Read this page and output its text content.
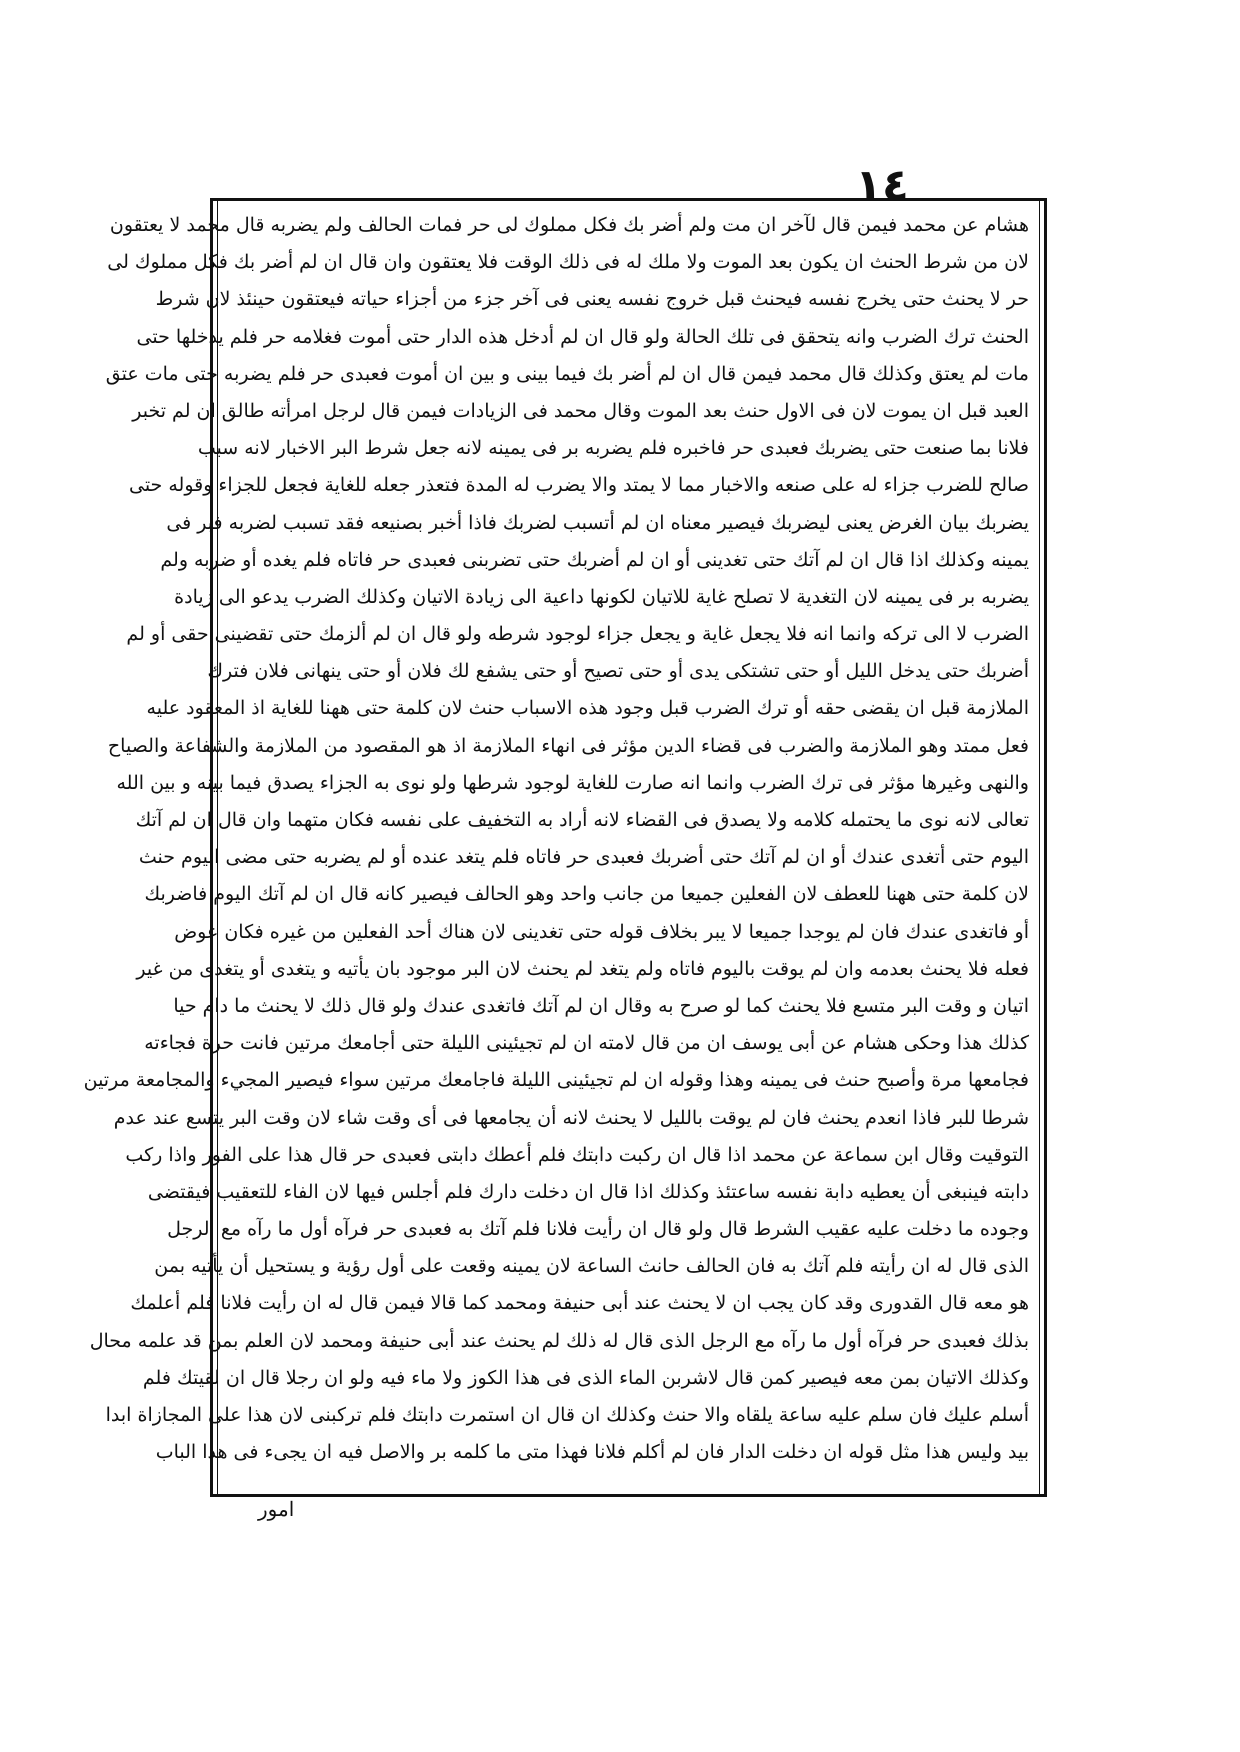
١٤
هشام عن محمد فيمن قال لآخر ان مت ولم أضر بك فكل مملوك لى حر فمات الحالف ولم يضربه قال محمد لا يعتقون
لان من شرط الحنث ان يكون بعد الموت ولا ملك له فى ذلك الوقت فلا يعتقون وان قال ان لم أضر بك فكل مملوك لى
حر لا يحنث حتى يخرج نفسه فيحنث قبل خروج نفسه يعنى فى آخر جزء من أجزاء حياته فيعتقون حينئذ لان شرط
الحنث ترك الضرب وانه يتحقق فى تلك الحالة ولو قال ان لم أدخل هذه الدار حتى أموت فغلامه حر فلم يدخلها حتى
مات لم يعتق وكذلك قال محمد فيمن قال ان لم أضر بك فيما بينى و بين ان أموت فعبدى حر فلم يضربه حتى مات عتق
العبد قبل ان يموت لان فى الاول حنث بعد الموت وقال محمد فى الزيادات فيمن قال لرجل امرأته طالق ان لم تخبر
فلانا بما صنعت حتى يضربك فعبدى حر فاخبره فلم يضربه بر فى يمينه لانه جعل شرط البر الاخبار لانه سبب
صالح للضرب جزاء له على صنعه والاخبار مما لا يمتد والا يضرب له المدة فتعذر جعله للغاية فجعل للجزاء وقوله حتى
يضربك بيان الغرض يعنى ليضربك فيصير معناه ان لم أتسبب لضربك فاذا أخبر بصنيعه فقد تسبب لضربه فبر فى
يمينه وكذلك اذا قال ان لم آتك حتى تغدينى أو ان لم أضربك حتى تضربنى فعبدى حر فاتاه فلم يغده أو ضربه ولم
يضربه بر فى يمينه لان التغدية لا تصلح غاية للاتيان لكونها داعية الى زيادة الاتيان وكذلك الضرب يدعو الى زيادة
الضرب لا الى تركه وانما انه فلا يجعل غاية و يجعل جزاء لوجود شرطه ولو قال ان لم ألزمك حتى تقضينى حقى أو لم
أضربك حتى يدخل الليل أو حتى تشتكى يدى أو حتى تصيح أو حتى يشفع لك فلان أو حتى ينهانى فلان فترك
الملازمة قبل ان يقضى حقه أو ترك الضرب قبل وجود هذه الاسباب حنث لان كلمة حتى ههنا للغاية اذ المعقود عليه
فعل ممتد وهو الملازمة والضرب فى قضاء الدين مؤثر فى انهاء الملازمة اذ هو المقصود من الملازمة والشفاعة والصياح
والنهى وغيرها مؤثر فى ترك الضرب وانما انه صارت للغاية لوجود شرطها ولو نوى به الجزاء يصدق فيما بينه و بين الله
تعالى لانه نوى ما يحتمله كلامه ولا يصدق فى القضاء لانه أراد به التخفيف على نفسه فكان متهما وان قال ان لم آتك
اليوم حتى أتغدى عندك أو ان لم آتك حتى أضربك فعبدى حر فاتاه فلم يتغد عنده أو لم يضربه حتى مضى اليوم حنث
لان كلمة حتى ههنا للعطف لان الفعلين جميعا من جانب واحد وهو الحالف فيصير كانه قال ان لم آتك اليوم فاضربك
أو فاتغدى عندك فان لم يوجدا جميعا لا يبر بخلاف قوله حتى تغدينى لان هناك أحد الفعلين من غيره فكان عوض
فعله فلا يحنث بعدمه وان لم يوقت باليوم فاتاه ولم يتغد لم يحنث لان البر موجود بان يأتيه و يتغدى أو يتغدى من غير
اتيان و وقت البر متسع فلا يحنث كما لو صرح به وقال ان لم آتك فاتغدى عندك ولو قال ذلك لا يحنث ما دام حيا
كذلك هذا وحكى هشام عن أبى يوسف ان من قال لامته ان لم تجيئينى الليلة حتى أجامعك مرتين فانت حرة فجاءته
فجامعها مرة وأصبح حنث فى يمينه وهذا وقوله ان لم تجيئينى الليلة فاجامعك مرتين سواء فيصير المجيء والمجامعة مرتين
شرطا للبر فاذا انعدم يحنث فان لم يوقت بالليل لا يحنث لانه أن يجامعها فى أى وقت شاء لان وقت البر يتسع عند عدم
التوقيت وقال ابن سماعة عن محمد اذا قال ان ركبت دابتك فلم أعطك دابتى فعبدى حر قال هذا على الفور واذا ركب
دابته فينبغى أن يعطيه دابة نفسه ساعتئذ وكذلك اذا قال ان دخلت دارك فلم أجلس فيها لان الفاء للتعقيب فيقتضى
وجوده ما دخلت عليه عقيب الشرط قال ولو قال ان رأيت فلانا فلم آتك به فعبدى حر فرآه أول ما رآه مع الرجل
الذى قال له ان رأيته فلم آتك به فان الحالف حانث الساعة لان يمينه وقعت على أول رؤية و يستحيل أن يأتيه بمن
هو معه قال القدورى وقد كان يجب ان لا يحنث عند أبى حنيفة ومحمد كما قالا فيمن قال له ان رأيت فلانا فلم أعلمك
بذلك فعبدى حر فرآه أول ما رآه مع الرجل الذى قال له ذلك لم يحنث عند أبى حنيفة ومحمد لان العلم بمن قد علمه محال
وكذلك الاتيان بمن معه فيصير كمن قال لاشربن الماء الذى فى هذا الكوز ولا ماء فيه ولو ان رجلا قال ان لقيتك فلم
أسلم عليك فان سلم عليه ساعة يلقاه والا حنث وكذلك ان قال ان استمرت دابتك فلم تركبنى لان هذا على المجازاة ابدا
بيد وليس هذا مثل قوله ان دخلت الدار فان لم أكلم فلانا فهذا متى ما كلمه بر والاصل فيه ان يجىء فى هذا الباب
امور
